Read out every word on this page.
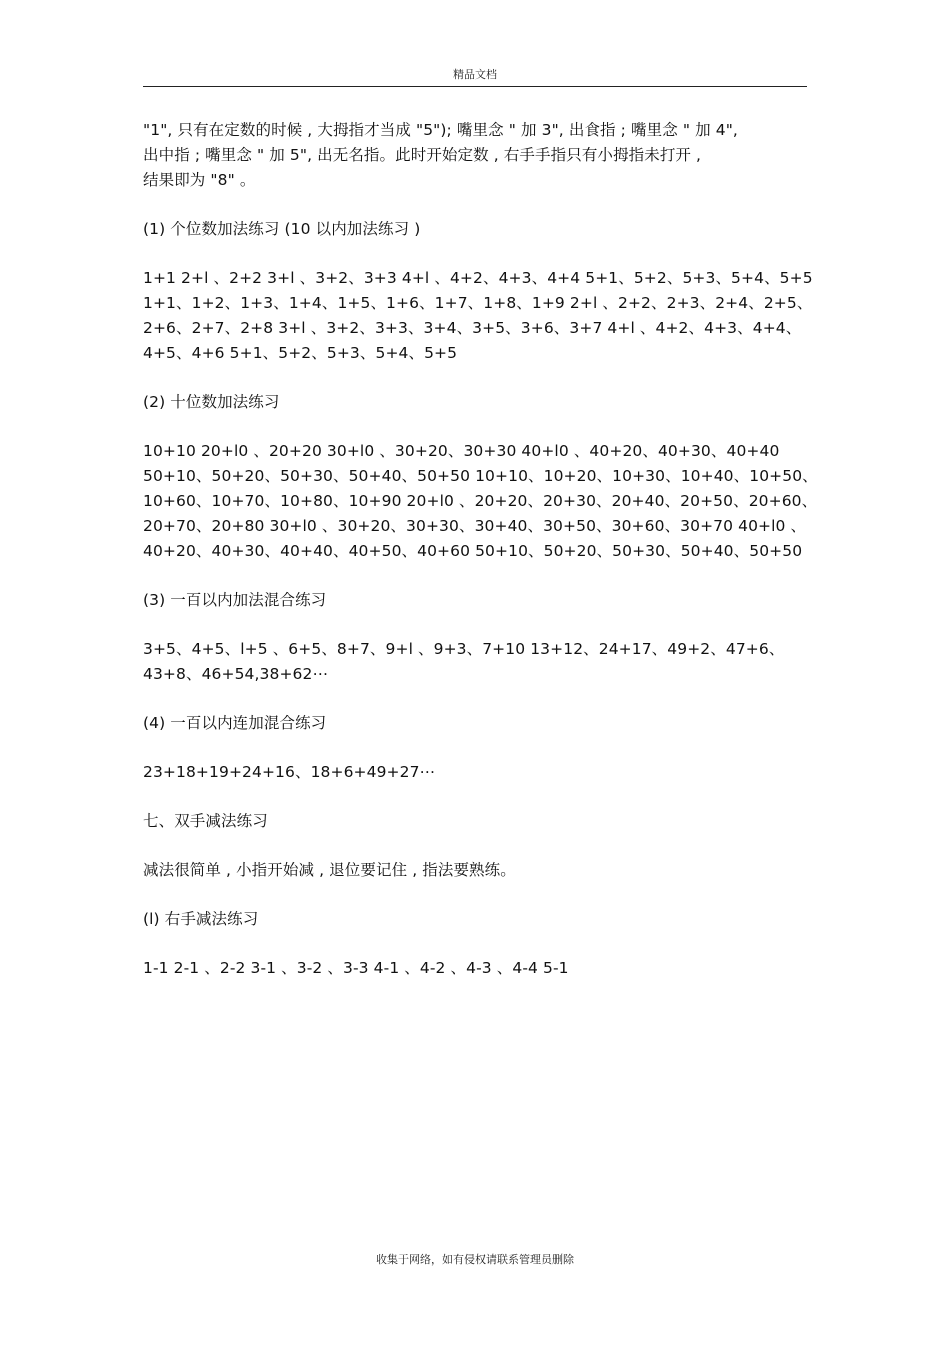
精品文档

"1", 只有在定数的时候 , 大拇指才当成 "5"); 嘴里念 " 加 3", 出食指 ; 嘴里念 " 加 4",
出中指 ; 嘴里念 " 加 5", 出无名指。此时开始定数 , 右手手指只有小拇指未打开 ,
结果即为 "8" 。

(1) 个位数加法练习 (10 以内加法练习 )

1+1 2+l 、2+2 3+l 、3+2、3+3 4+l 、4+2、4+3、4+4 5+1、5+2、5+3、5+4、5+5
1+1、1+2、1+3、1+4、1+5、1+6、1+7、1+8、1+9 2+l 、2+2、2+3、2+4、2+5、
2+6、2+7、2+8 3+l 、3+2、3+3、3+4、3+5、3+6、3+7 4+l 、4+2、4+3、4+4、
4+5、4+6 5+1、5+2、5+3、5+4、5+5

(2) 十位数加法练习

10+10 20+l0 、20+20 30+l0 、30+20、30+30 40+l0 、40+20、40+30、40+40
50+10、50+20、50+30、50+40、50+50 10+10、10+20、10+30、10+40、10+50、
10+60、10+70、10+80、10+90 20+l0 、20+20、20+30、20+40、20+50、20+60、
20+70、20+80 30+l0 、30+20、30+30、30+40、30+50、30+60、30+70 40+l0 、
40+20、40+30、40+40、40+50、40+60 50+10、50+20、50+30、50+40、50+50

(3) 一百以内加法混合练习

3+5、4+5、l+5 、6+5、8+7、9+l 、9+3、7+10 13+12、24+17、49+2、47+6、
43+8、46+54,38+62⋯

(4) 一百以内连加混合练习

23+18+19+24+16、18+6+49+27⋯

七、双手减法练习

减法很简单 , 小指开始减 , 退位要记住 , 指法要熟练。

(l) 右手减法练习

1-1 2-1 、2-2 3-1 、3-2 、3-3 4-1 、4-2 、4-3 、4-4 5-1

收集于网络，如有侵权请联系管理员删除
